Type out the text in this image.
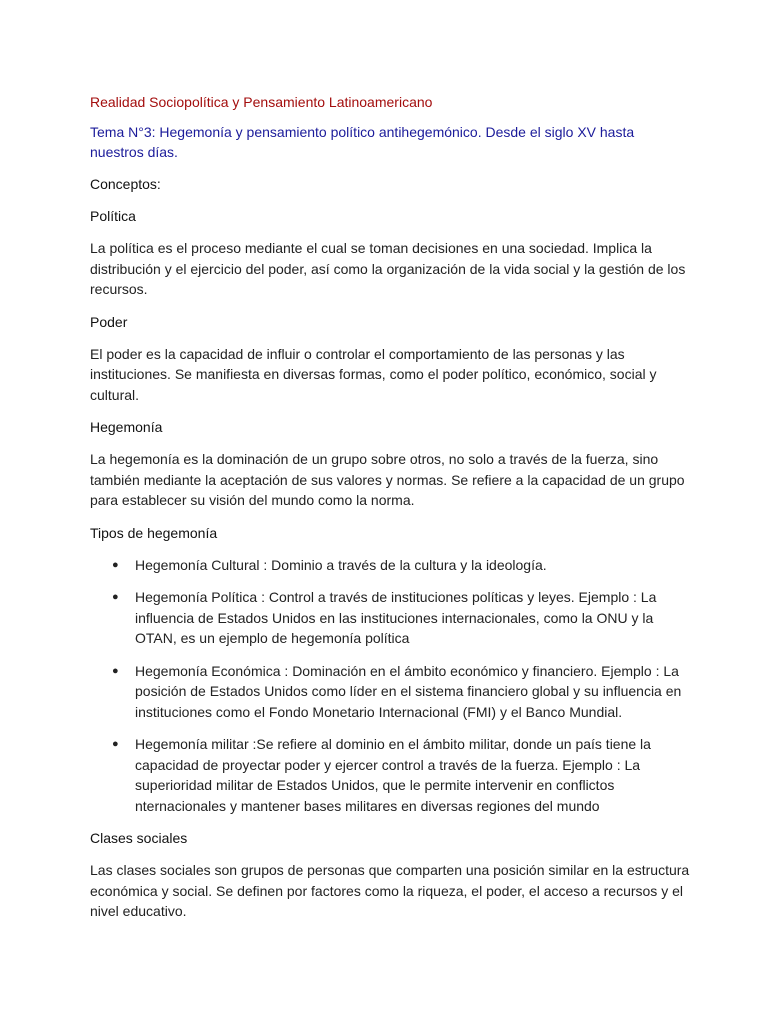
Realidad Sociopolítica y Pensamiento Latinoamericano

Tema N°3: Hegemonía y pensamiento político antihegemónico. Desde el siglo XV hasta nuestros días.

Conceptos:

Política

La política es el proceso mediante el cual se toman decisiones en una sociedad. Implica la distribución y el ejercicio del poder, así como la organización de la vida social y la gestión de los recursos.

Poder

El poder es la capacidad de influir o controlar el comportamiento de las personas y las instituciones. Se manifiesta en diversas formas, como el poder político, económico, social y cultural.

Hegemonía

La hegemonía es la dominación de un grupo sobre otros, no solo a través de la fuerza, sino también mediante la aceptación de sus valores y normas. Se refiere a la capacidad de un grupo para establecer su visión del mundo como la norma.

Tipos de hegemonía

● Hegemonía Cultural : Dominio a través de la cultura y la ideología.
● Hegemonía Política : Control a través de instituciones políticas y leyes. Ejemplo : La influencia de Estados Unidos en las instituciones internacionales, como la ONU y la OTAN, es un ejemplo de hegemonía política
● Hegemonía Económica : Dominación en el ámbito económico y financiero. Ejemplo : La posición de Estados Unidos como líder en el sistema financiero global y su influencia en instituciones como el Fondo Monetario Internacional (FMI) y el Banco Mundial.
● Hegemonía militar :Se refiere al dominio en el ámbito militar, donde un país tiene la capacidad de proyectar poder y ejercer control a través de la fuerza. Ejemplo : La superioridad militar de Estados Unidos, que le permite intervenir en conflictos nternacionales y mantener bases militares en diversas regiones del mundo

Clases sociales

Las clases sociales son grupos de personas que comparten una posición similar en la estructura económica y social. Se definen por factores como la riqueza, el poder, el acceso a recursos y el nivel educativo.
